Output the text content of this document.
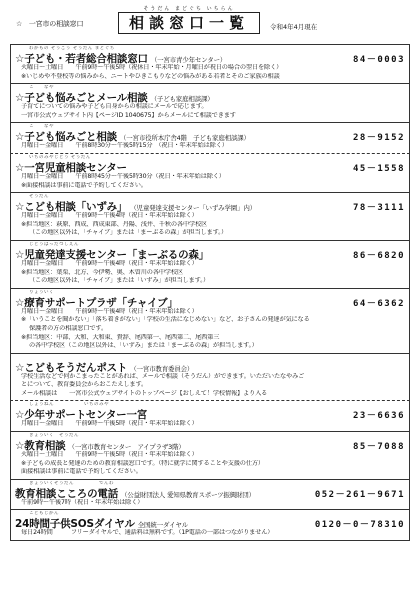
☆　一宮市の相談窓口
そうだん まどぐち いちらん
相談窓口一覧	令和4年4月現在
わかもの そうごう そうだん まどぐち
☆子ども・若者総合相談窓口 （一宮市青少年センター）	84－0003
火曜日～土曜日　　午前9時～午後5時（祝休日・年末年始・月曜日が祝日の場合の翌日を除く）
※いじめや不登校等の悩みから、ニートやひきこもりなどの悩みがある若者とそのご家族の相談
こ　　なや
☆子ども悩みごとメール相談 （子ども家庭相談課）
子育てについての悩みや子ども自身からの相談にメールで応じます。
一宮市公式ウェブサイト内【ページID 1040675】からメールにて相談できます
こ　　なや
☆子ども悩みごと相談 （一宮市役所本庁舎4階　子ども家庭相談課）	28－9152
月曜日～金曜日　　午前8時30分～午後5時15分　（祝日・年末年始は除く）
いちのみやじどう そうだん
☆一宮児童相談センター	45－1558
月曜日～金曜日　　午前8時45分～午後5時30分（祝日・年末年始は除く）
※面接相談は事前に電話で予約してください。
そうだん
☆こども相談「いずみ」 （児童発達支援センター「いずみ学園」内）	78－3111
月曜日～金曜日　　午前9時～午後4時（祝日・年末年始は除く）
※担当地区：萩原、西成、西成東部、丹陽、浅井、千秋の各中学校区
（この地区以外は、「チャイブ」または「まーぶるの森」が担当します。）
じどうはったつしえん
☆児童発達支援センター「まーぶるの森」	86－6820
月曜日～金曜日　　午前9時～午後4時（祝日・年末年始は除く）
※担当地区：葉栗、北方、今伊勢、奥、木曽川の各中学校区
（この地区以外は、「チャイブ」または「いずみ」が担当します。）
りょういく
☆療育サポートプラザ「チャイブ」	64－6362
月曜日～金曜日　　午前9時～午後4時（祝日・年末年始は除く）
※「いうことを聞かない」「落ち着きがない」「学校の生活になじめない」など、お子さんの発達が気になる
保護者の方の相談窓口です。
※担当地区：中部、大和、大和東、貴辞、尾西第一、尾西第二、尾西第三
の各中学校区（この地区以外は、「いずみ」または「まーぶるの森」が担当します。）
☆こどもそうだんポスト （一宮市教育委員会）
学校生活などで何かこまったことがあれば、メールで相談（そうだん）ができます。いただいたなやみご
とについて、教育委員会からおこたえします。
メール相談は　　一宮市公式ウェブサイトのトップページ【おしえて！学校情報】より入る
しょうねん　　　　　　いちのみや
☆少年サポートセンター一宮	23－6636
月曜日～金曜日　　午前9時～午後5時（祝日・年末年始は除く）
きょういく　そうだん
☆教育相談 （一宮市教育センター　アイプラザ3階）	85－7088
火曜日～土曜日　　午前9時～午後5時（祝日・年末年始は除く）
※子どもの成長と発達のための教育相談窓口です。（特に就学に関することや支援の仕方）
面接相談は事前に電話で予約してください。
きょういくそうだん　　　　　でんわ
教育相談こころの電話 （公益財団法人 愛知県教育スポーツ振興財団）	052－261－9671
午前9時～午後7時（祝日・年末年始は除く）
こどもじかん
24時間子供SOSダイヤル 全国統一ダイヤル	0120－0－78310
毎日24時間　　　フリーダイヤルで、通話料は無料です。（1P電話の一部はつながりません）
